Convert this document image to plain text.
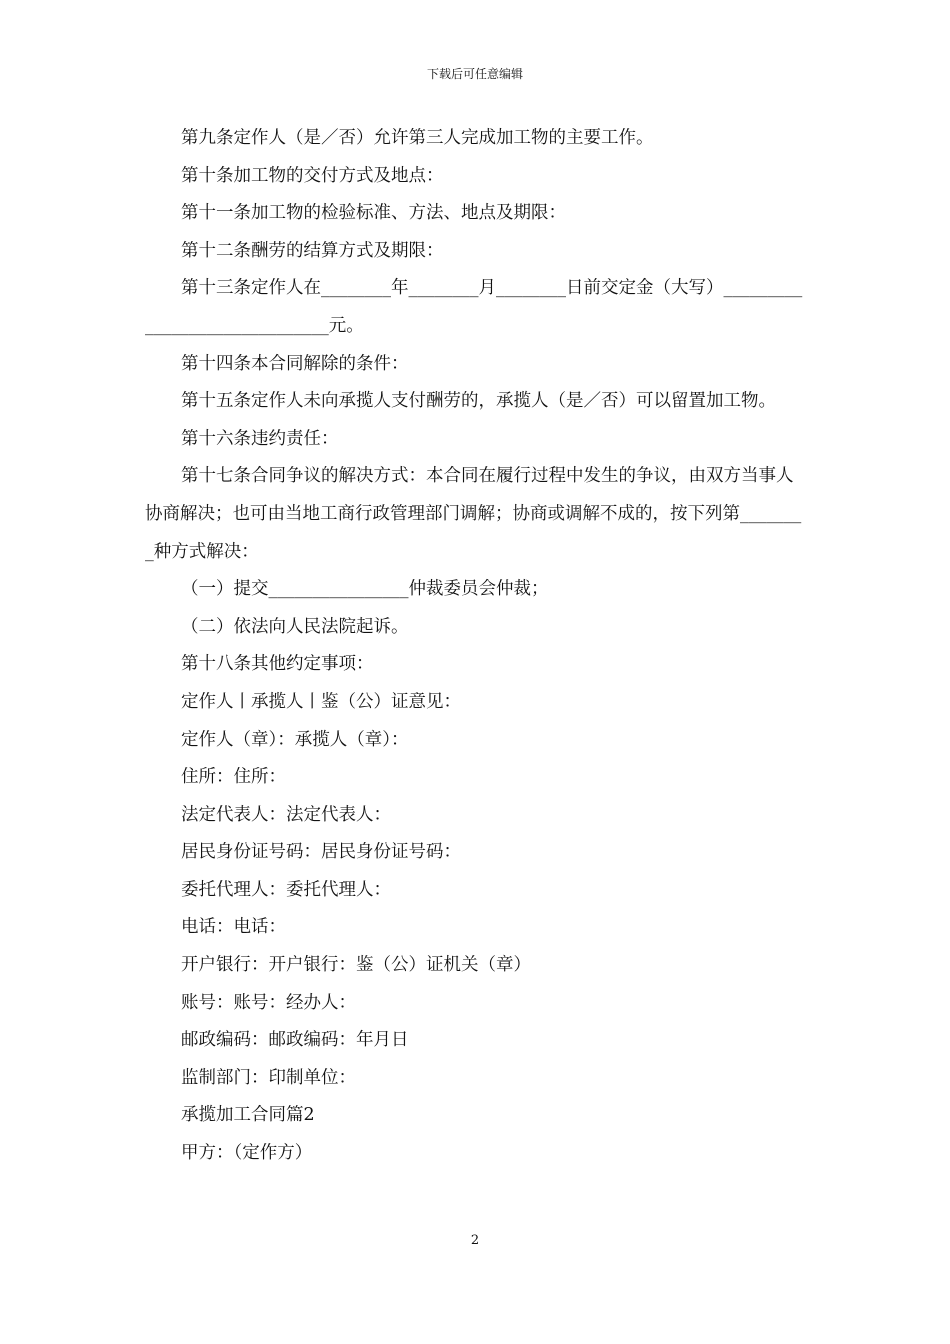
下载后可任意编辑

第九条定作人（是／否）允许第三人完成加工物的主要工作。

第十条加工物的交付方式及地点：

第十一条加工物的检验标准、方法、地点及期限：

第十二条酬劳的结算方式及期限：

第十三条定作人在________年________月________日前交定金（大写）______________________________元。

第十四条本合同解除的条件：

第十五条定作人未向承揽人支付酬劳的，承揽人（是／否）可以留置加工物。

第十六条违约责任：

第十七条合同争议的解决方式：本合同在履行过程中发生的争议，由双方当事人协商解决；也可由当地工商行政管理部门调解；协商或调解不成的，按下列第________种方式解决：

（一）提交________________仲裁委员会仲裁；

（二）依法向人民法院起诉。

第十八条其他约定事项：

定作人丨承揽人丨鉴（公）证意见：

定作人（章）：承揽人（章）：

住所：住所：

法定代表人：法定代表人：

居民身份证号码：居民身份证号码：

委托代理人：委托代理人：

电话：电话：

开户银行：开户银行：鉴（公）证机关（章）

账号：账号：经办人：

邮政编码：邮政编码：年月日

监制部门：印制单位：

承揽加工合同篇2

甲方：（定作方）

2
